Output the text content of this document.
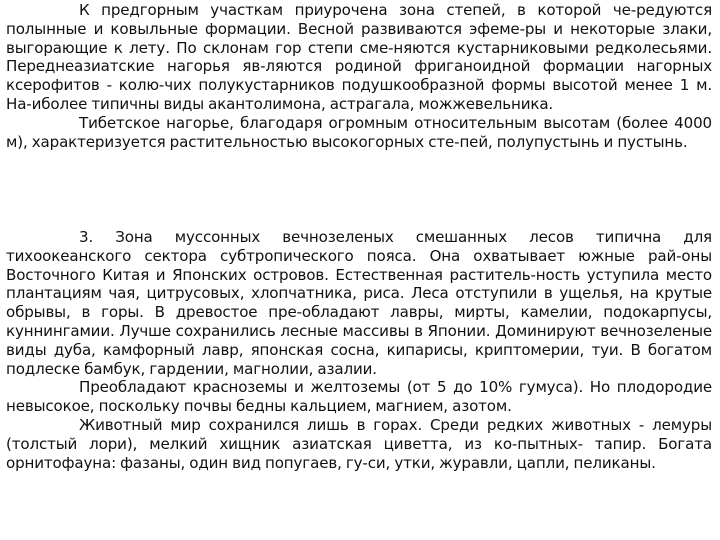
К предгорным участкам приурочена зона степей, в которой че-редуются полынные и ковыльные формации. Весной развиваются эфеме-ры и некоторые злаки, выгорающие к лету. По склонам гор степи сме-няются кустарниковыми редколесьями. Переднеазиатские нагорья яв-ляются родиной фриганоидной формации нагорных ксерофитов - колю-чих полукустарников подушкообразной формы высотой менее 1 м. На-иболее типичны виды акантолимона, астрагала, можжевельника.

Тибетское нагорье, благодаря огромным относительным высотам (более 4000 м), характеризуется растительностью высокогорных сте-пей, полупустынь и пустынь.

3. Зона муссонных вечнозеленых смешанных лесов типична для тихоокеанского сектора субтропического пояса. Она охватывает южные рай-оны Восточного Китая и Японских островов. Естественная раститель-ность уступила место плантациям чая, цитрусовых, хлопчатника, риса. Леса отступили в ущелья, на крутые обрывы, в горы. В древостое пре-обладают лавры, мирты, камелии, подокарпусы, куннингамии. Лучше сохранились лесные массивы в Японии. Доминируют вечнозеленые виды дуба, камфорный лавр, японская сосна, кипарисы, криптомерии, туи. В богатом подлеске бамбук, гардении, магнолии, азалии.

Преобладают красноземы и желтоземы (от 5 до 10% гумуса). Но плодородие невысокое, поскольку почвы бедны кальцием, магнием, азотом.

Животный мир сохранился лишь в горах. Среди редких животных - лемуры (толстый лори), мелкий хищник азиатская циветта, из ко-пытных- тапир. Богата орнитофауна: фазаны, один вид попугаев, гу-си, утки, журавли, цапли, пеликаны.
